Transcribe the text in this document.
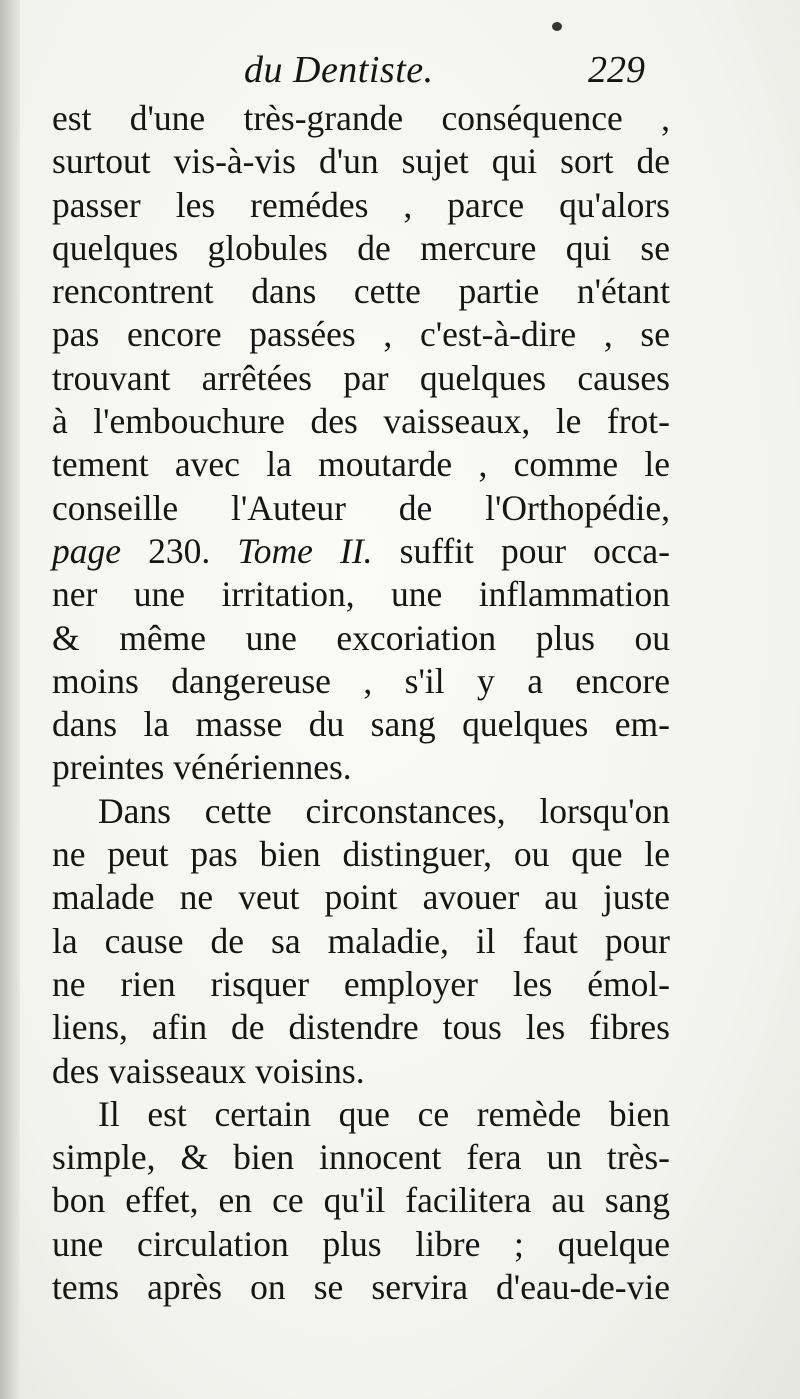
du Dentiste.	229
est d'une très-grande conséquence ,
surtout vis-à-vis d'un sujet qui sort de
passer les remédes , parce qu'alors
quelques globules de mercure qui se
rencontrent dans cette partie n'étant
pas encore passées , c'est-à-dire , se
trouvant arrêtées par quelques causes
à l'embouchure des vaisseaux, le frot-
tement avec la moutarde , comme le
conseille l'Auteur de l'Orthopédie,
page 230. Tome II. suffit pour occa-
ner une irritation, une inflammation
& même une excoriation plus ou
moins dangereuse , s'il y a encore
dans la masse du sang quelques em-
preintes vénériennes.
Dans cette circonstances, lorsqu'on
ne peut pas bien distinguer, ou que le
malade ne veut point avouer au juste
la cause de sa maladie, il faut pour
ne rien risquer employer les émol-
liens, afin de distendre tous les fibres
des vaisseaux voisins.
Il est certain que ce remède bien
simple, & bien innocent fera un très-
bon effet, en ce qu'il facilitera au sang
une circulation plus libre ; quelque
tems après on se servira d'eau-de-vie
